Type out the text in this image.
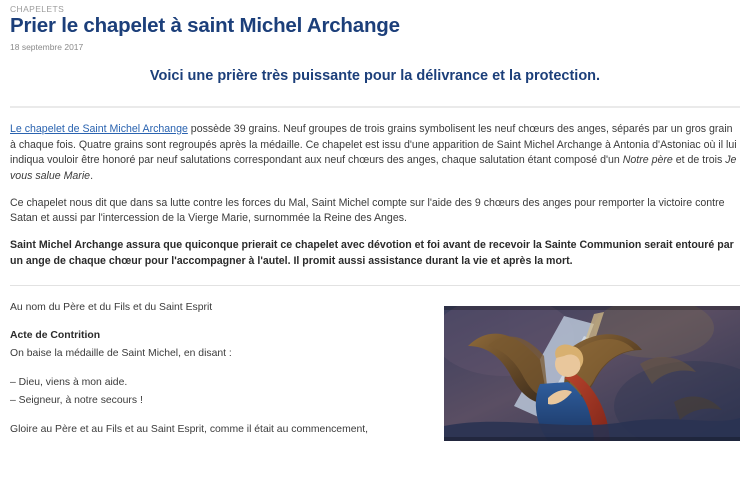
CHAPELETS
Prier le chapelet à saint Michel Archange
18 septembre 2017
Voici une prière très puissante pour la délivrance et la protection.

Le chapelet de Saint Michel Archange possède 39 grains. Neuf groupes de trois grains symbolisent les neuf chœurs des anges, séparés par un gros grain à chaque fois. Quatre grains sont regroupés après la médaille. Ce chapelet est issu d'une apparition de Saint Michel Archange à Antonia d'Astoniac où il lui indiqua vouloir être honoré par neuf salutations correspondant aux neuf chœurs des anges, chaque salutation étant composé d'un Notre père et de trois Je vous salue Marie.

Ce chapelet nous dit que dans sa lutte contre les forces du Mal, Saint Michel compte sur l'aide des 9 chœurs des anges pour remporter la victoire contre Satan et aussi par l'intercession de la Vierge Marie, surnommée la Reine des Anges.

Saint Michel Archange assura que quiconque prierait ce chapelet avec dévotion et foi avant de recevoir la Sainte Communion serait entouré par un ange de chaque chœur pour l'accompagner à l'autel. Il promit aussi assistance durant la vie et après la mort.

Au nom du Père et du Fils et du Saint Esprit

Acte de Contrition

On baise la médaille de Saint Michel, en disant :

– Dieu, viens à mon aide.

– Seigneur, à notre secours !

Gloire au Père et au Fils et au Saint Esprit, comme il était au commencement,
